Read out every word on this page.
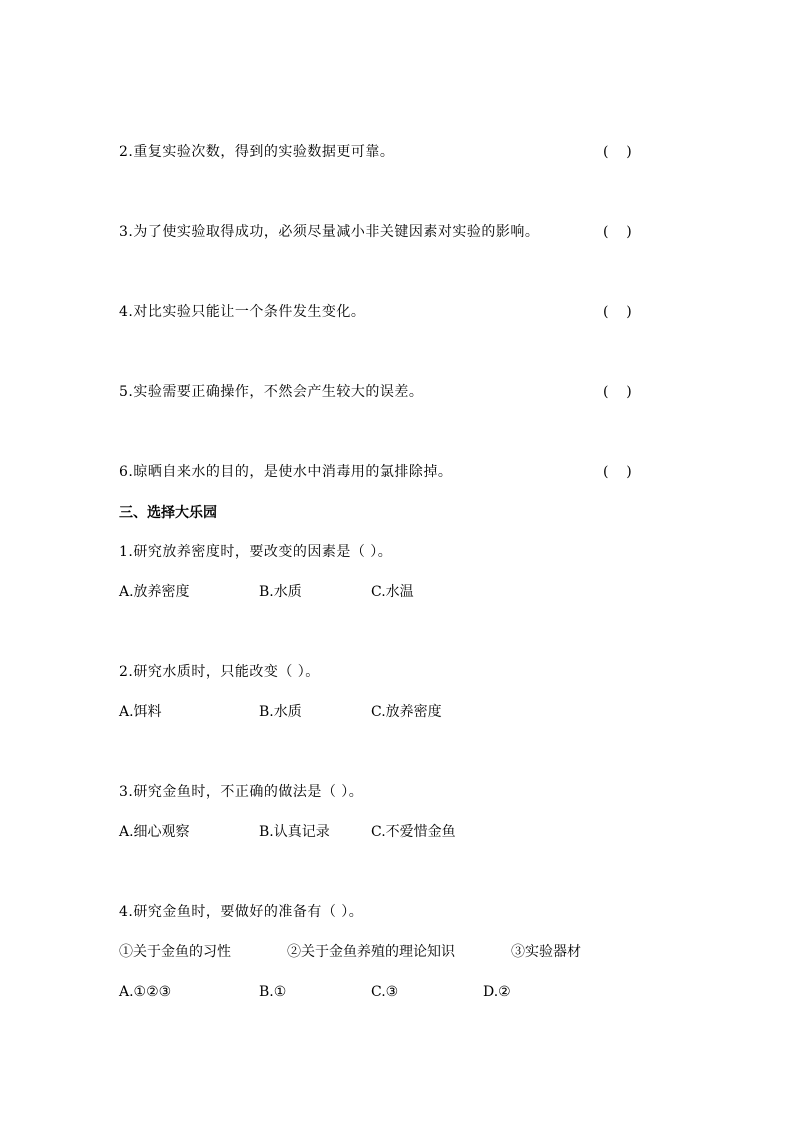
2.重复实验次数，得到的实验数据更可靠。	(    )
3.为了使实验取得成功，必须尽量减小非关键因素对实验的影响。	(    )
4.对比实验只能让一个条件发生变化。	(    )
5.实验需要正确操作，不然会产生较大的误差。	(    )
6.晾晒自来水的目的，是使水中消毒用的氯排除掉。	(    )
三、选择大乐园
1.研究放养密度时，要改变的因素是（ ）。
A.放养密度	B.水质	C.水温
2.研究水质时，只能改变（ ）。
A.饵料	B.水质	C.放养密度
3.研究金鱼时，不正确的做法是（ ）。
A.细心观察	B.认真记录	C.不爱惜金鱼
4.研究金鱼时，要做好的准备有（ ）。
①关于金鱼的习性	②关于金鱼养殖的理论知识	③实验器材
A.①②③	B.①	C.③	D.②
